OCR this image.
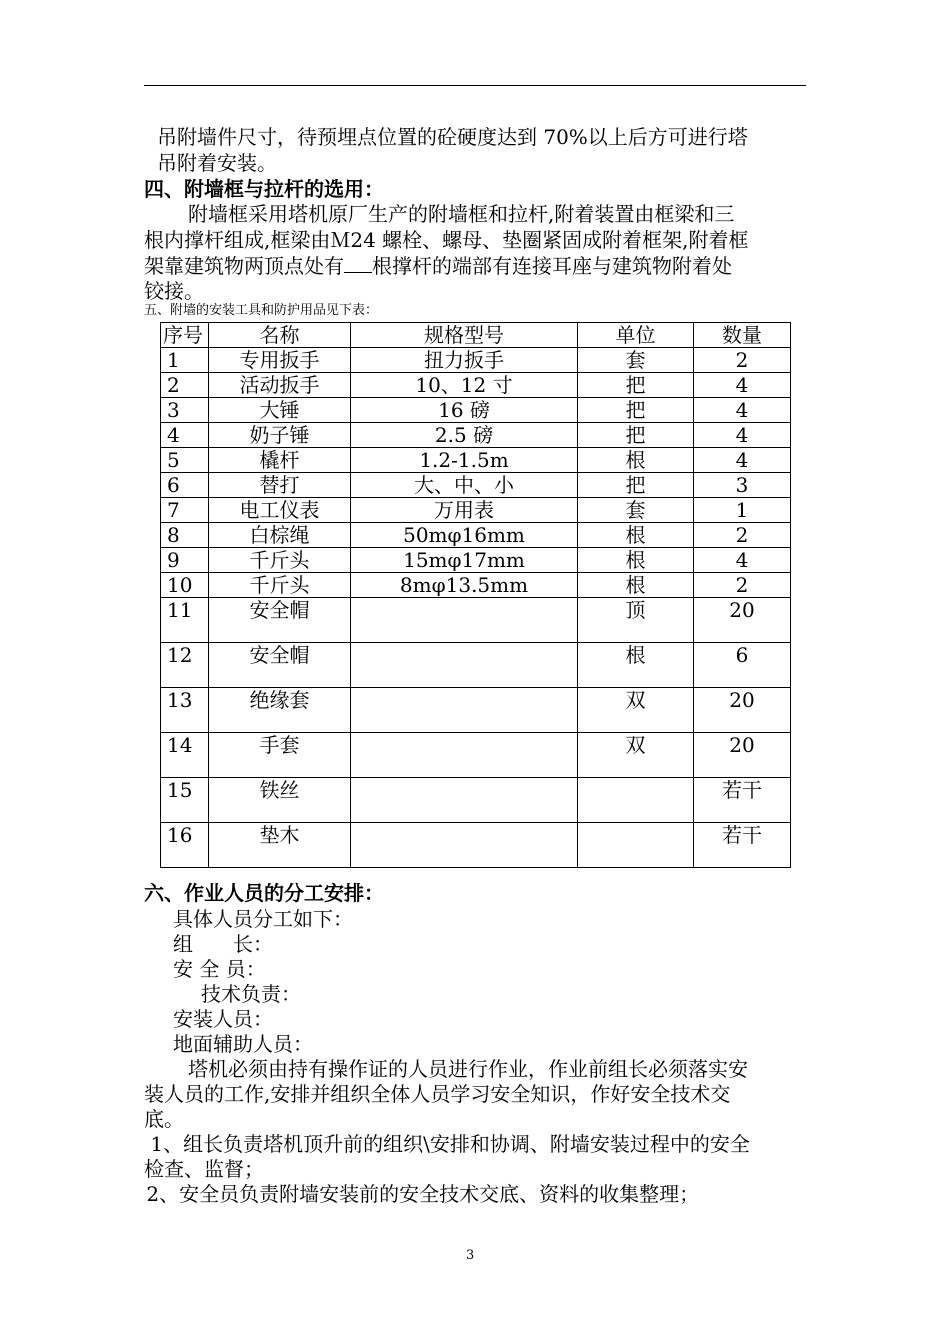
吊附墙件尺寸，待预埋点位置的砼硬度达到 70%以上后方可进行塔
吊附着安装。
四、附墙框与拉杆的选用：
附墙框采用塔机原厂生产的附墙框和拉杆,附着装置由框梁和三
根内撑杆组成,框梁由Ｍ24 螺栓、螺母、垫圈紧固成附着框架,附着框
架靠建筑物两顶点处有 根撑杆的端部有连接耳座与建筑物附着处
铰接。
五、附墙的安装工具和防护用品见下表：
序号	名称	规格型号	单位	数量
1	专用扳手	扭力扳手	套	2
2	活动扳手	10、12 寸	把	4
3	大锤	16 磅	把	4
4	奶子锤	2.5 磅	把	4
5	橇杆	1.2-1.5m	根	4
6	替打	大、中、小	把	3
7	电工仪表	万用表	套	1
8	白棕绳	50mφ16mm	根	2
9	千斤头	15mφ17mm	根	4
10	千斤头	8mφ13.5mm	根	2
11	安全帽		顶	20
12	安全帽		根	6
13	绝缘套		双	20
14	手套		双	20
15	铁丝			若干
16	垫木			若干
六、作业人员的分工安排：
具体人员分工如下：
组　　长：
安 全 员：
技术负责：
安装人员：
地面辅助人员：
塔机必须由持有操作证的人员进行作业，作业前组长必须落实安
装人员的工作,安排并组织全体人员学习安全知识，作好安全技术交
底。
1、组长负责塔机顶升前的组织\安排和协调、附墙安装过程中的安全
检查、监督；
2、安全员负责附墙安装前的安全技术交底、资料的收集整理；
3
